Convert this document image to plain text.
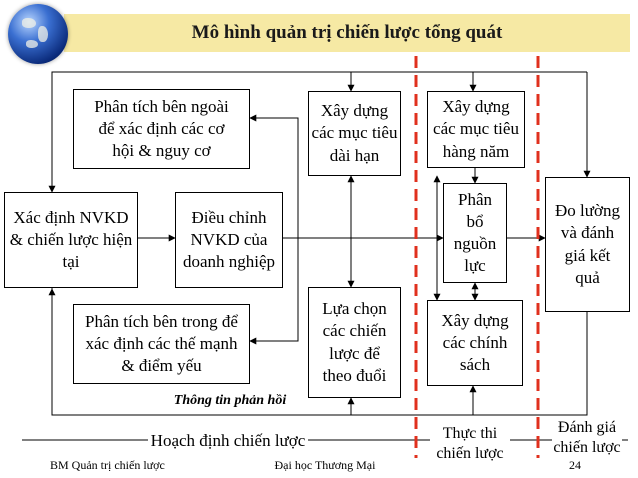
Mô hình quản trị chiến lược tổng quát
Phân tích bên ngoài để xác định các cơ hội & nguy cơ
Xác định NVKD & chiến lược hiện tại
Điều chỉnh NVKD của doanh nghiệp
Phân tích bên trong để xác định các thế mạnh & điểm yếu
Xây dựng các mục tiêu dài hạn
Lựa chọn các chiến lược để theo đuổi
Xây dựng các mục tiêu hàng năm
Phân bổ nguồn lực
Xây dựng các chính sách
Đo lường và đánh giá kết quả
Thông tin phản hồi
Hoạch định chiến lược	Thực thi chiến lược
Đánh giá chiến lược
BM Quản trị chiến lược	Đại học Thương Mại	24
